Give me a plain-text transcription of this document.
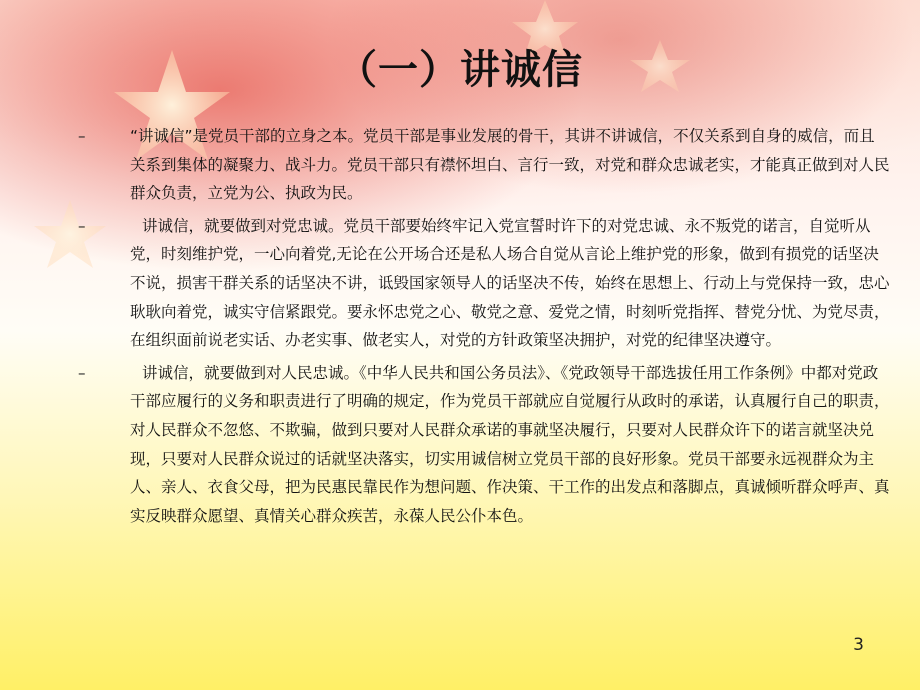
（一）讲诚信
–	“讲诚信”是党员干部的立身之本。党员干部是事业发展的骨干，其讲不讲诚信，不仅关系到自身的威信，而且关系到集体的凝聚力、战斗力。党员干部只有襟怀坦白、言行一致，对党和群众忠诚老实，才能真正做到对人民群众负责，立党为公、执政为民。

–	讲诚信，就要做到对党忠诚。党员干部要始终牢记入党宣誓时许下的对党忠诚、永不叛党的诺言，自觉听从党，时刻维护党，一心向着党,无论在公开场合还是私人场合自觉从言论上维护党的形象，做到有损党的话坚决不说，损害干群关系的话坚决不讲，诋毁国家领导人的话坚决不传，始终在思想上、行动上与党保持一致，忠心耿耿向着党，诚实守信紧跟党。要永怀忠党之心、敬党之意、爱党之情，时刻听党指挥、替党分忧、为党尽责，在组织面前说老实话、办老实事、做老实人，对党的方针政策坚决拥护，对党的纪律坚决遵守。

–	讲诚信，就要做到对人民忠诚。《中华人民共和国公务员法》、《党政领导干部选拔任用工作条例》中都对党政干部应履行的义务和职责进行了明确的规定，作为党员干部就应自觉履行从政时的承诺，认真履行自己的职责，对人民群众不忽悠、不欺骗，做到只要对人民群众承诺的事就坚决履行，只要对人民群众许下的诺言就坚决兑现，只要对人民群众说过的话就坚决落实，切实用诚信树立党员干部的良好形象。党员干部要永远视群众为主人、亲人、衣食父母，把为民惠民靠民作为想问题、作决策、干工作的出发点和落脚点，真诚倾听群众呼声、真实反映群众愿望、真情关心群众疾苦，永葆人民公仆本色。

3
